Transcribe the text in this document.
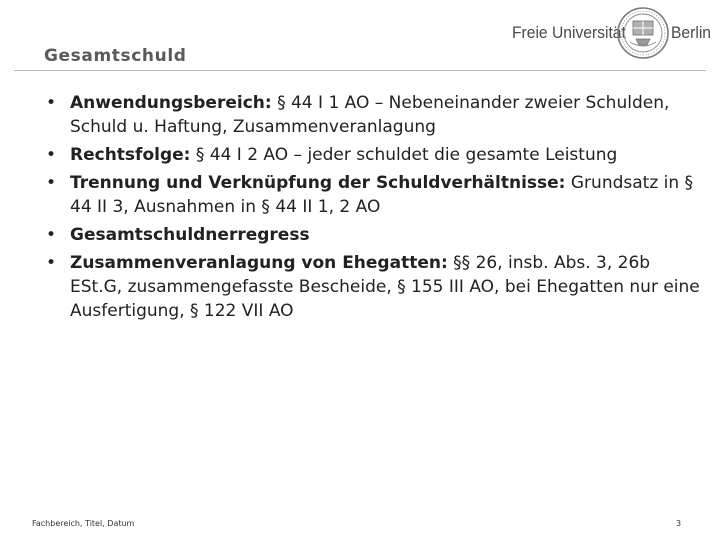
Gesamtschuld
Freie Universität	Berlin
• Anwendungsbereich: § 44 I 1 AO – Nebeneinander zweier Schulden, Schuld u. Haftung, Zusammenveranlagung
• Rechtsfolge: § 44 I 2 AO – jeder schuldet die gesamte Leistung
• Trennung und Verknüpfung der Schuldverhältnisse: Grundsatz in § 44 II 3, Ausnahmen in § 44 II 1, 2 AO
• Gesamtschuldnerregress
• Zusammenveranlagung von Ehegatten: §§ 26, insb. Abs. 3, 26b ESt.G, zusammengefasste Bescheide, § 155 III AO, bei Ehegatten nur eine Ausfertigung, § 122 VII AO
Fachbereich, Titel, Datum	3
